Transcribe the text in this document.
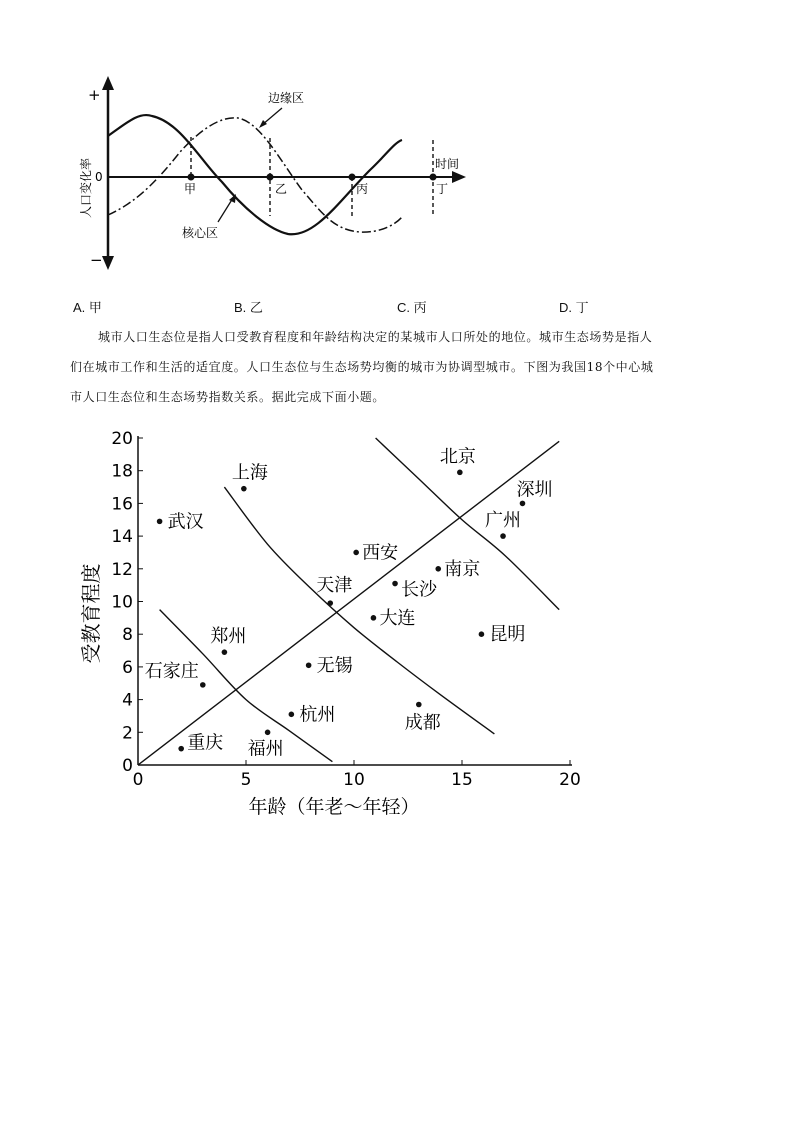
+
−
0
人口变化率	时间
边缘区
核心区
甲	乙	丙	丁
A. 甲	B. 乙	C. 丙	D. 丁
城市人口生态位是指人口受教育程度和年龄结构决定的某城市人口所处的地位。城市生态场势是指人
们在城市工作和生活的适宜度。人口生态位与生态场势均衡的城市为协调型城市。下图为我国18个中心城
市人口生态位和生态场势指数关系。据此完成下面小题。
0
2
4
6
8
10
12
14
16
18
20
0	5	10	15	20
年龄（年老～年轻）
受教育程度
北京
上海
深圳
武汉	广州
西安
南京
长沙
天津
大连
昆明
郑州
无锡
石家庄
成都
杭州
福州
重庆
